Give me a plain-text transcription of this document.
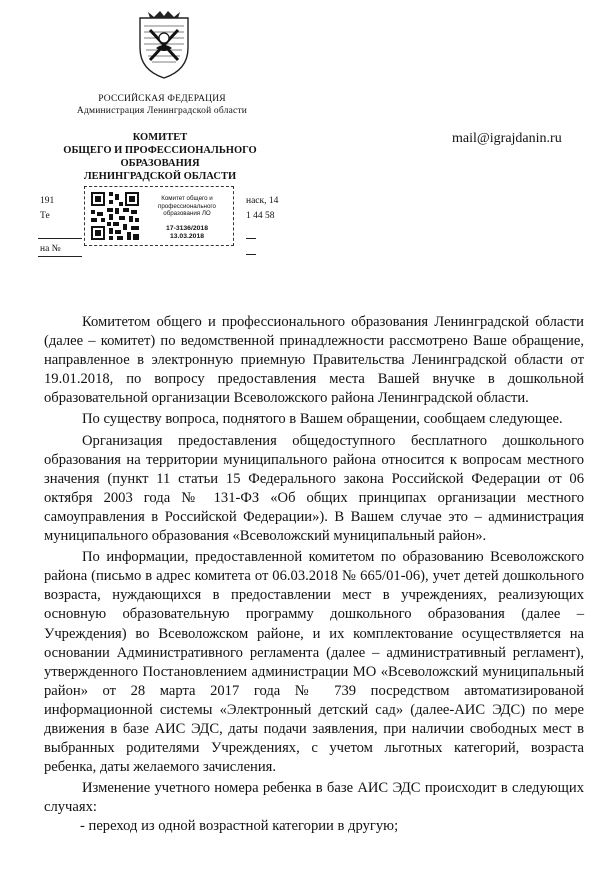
РОССИЙСКАЯ ФЕДЕРАЦИЯ
Администрация Ленинградской области
КОМИТЕТ
ОБЩЕГО И ПРОФЕССИОНАЛЬНОГО
ОБРАЗОВАНИЯ
ЛЕНИНГРАДСКОЙ ОБЛАСТИ
mail@igrajdanin.ru
191	наск, 14
Те	1 44 58
на №
Комитет общего и
профессионального
образования ЛО
17-3136/2018
13.03.2018

Комитетом общего и профессионального образования Ленинградской области (далее – комитет) по ведомственной принадлежности рассмотрено Ваше обращение, направленное в электронную приемную Правительства Ленинградской области от 19.01.2018, по вопросу предоставления места Вашей внучке в дошкольной образовательной организации Всеволожского района Ленинградской области.

По существу вопроса, поднятого в Вашем обращении, сообщаем следующее.

Организация предоставления общедоступного бесплатного дошкольного образования на территории муниципального района относится к вопросам местного значения (пункт 11 статьи 15 Федерального закона Российской Федерации от 06 октября 2003 года № 131-ФЗ «Об общих принципах организации местного самоуправления в Российской Федерации»). В Вашем случае это – администрация муниципального образования «Всеволожский муниципальный район».

По информации, предоставленной комитетом по образованию Всеволожского района (письмо в адрес комитета от 06.03.2018 № 665/01-06), учет детей дошкольного возраста, нуждающихся в предоставлении мест в учреждениях, реализующих основную образовательную программу дошкольного образования (далее – Учреждения) во Всеволожском районе, и их комплектование осуществляется на основании Административного регламента (далее – административный регламент), утвержденного Постановлением администрации МО «Всеволожский муниципальный район» от 28 марта 2017 года № 739 посредством автоматизированой информационной системы «Электронный детский сад» (далее-АИС ЭДС) по мере движения в базе АИС ЭДС, даты подачи заявления, при наличии свободных мест в выбранных родителями Учреждениях, с учетом льготных категорий, возраста ребенка, даты желаемого зачисления.

Изменение учетного номера ребенка в базе АИС ЭДС происходит в следующих случаях:

- переход из одной возрастной категории в другую;
